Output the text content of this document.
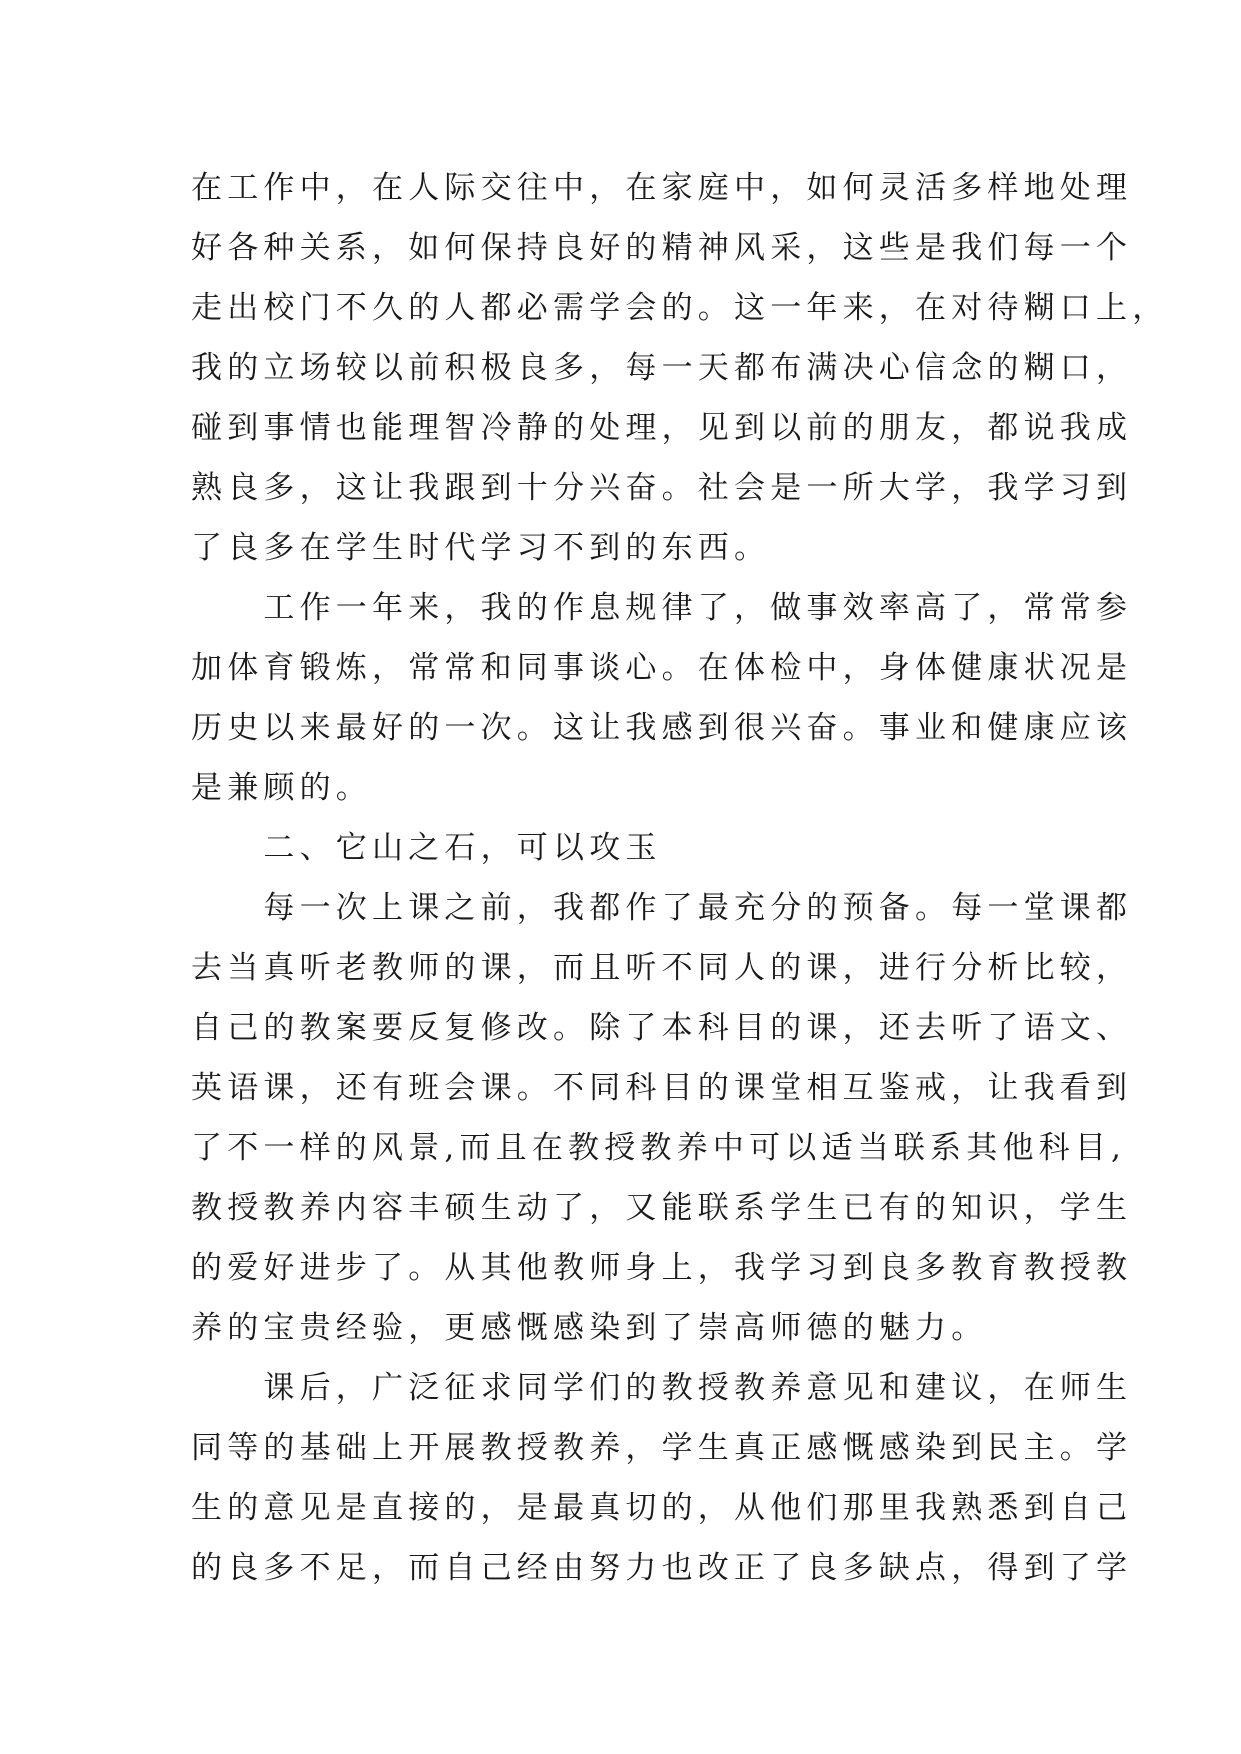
在工作中，在人际交往中，在家庭中，如何灵活多样地处理
好各种关系，如何保持良好的精神风采，这些是我们每一个
走出校门不久的人都必需学会的。这一年来，在对待糊口上，
我的立场较以前积极良多，每一天都布满决心信念的糊口，
碰到事情也能理智冷静的处理，见到以前的朋友，都说我成
熟良多，这让我跟到十分兴奋。社会是一所大学，我学习到
了良多在学生时代学习不到的东西。
　　工作一年来，我的作息规律了，做事效率高了，常常参
加体育锻炼，常常和同事谈心。在体检中，身体健康状况是
历史以来最好的一次。这让我感到很兴奋。事业和健康应该
是兼顾的。
　　二、它山之石，可以攻玉
　　每一次上课之前，我都作了最充分的预备。每一堂课都
去当真听老教师的课，而且听不同人的课，进行分析比较，
自己的教案要反复修改。除了本科目的课，还去听了语文、
英语课，还有班会课。不同科目的课堂相互鉴戒，让我看到
了不一样的风景,而且在教授教养中可以适当联系其他科目,
教授教养内容丰硕生动了，又能联系学生已有的知识，学生
的爱好进步了。从其他教师身上，我学习到良多教育教授教
养的宝贵经验，更感慨感染到了崇高师德的魅力。
　　课后，广泛征求同学们的教授教养意见和建议，在师生
同等的基础上开展教授教养，学生真正感慨感染到民主。学
生的意见是直接的，是最真切的，从他们那里我熟悉到自己
的良多不足，而自己经由努力也改正了良多缺点，得到了学
